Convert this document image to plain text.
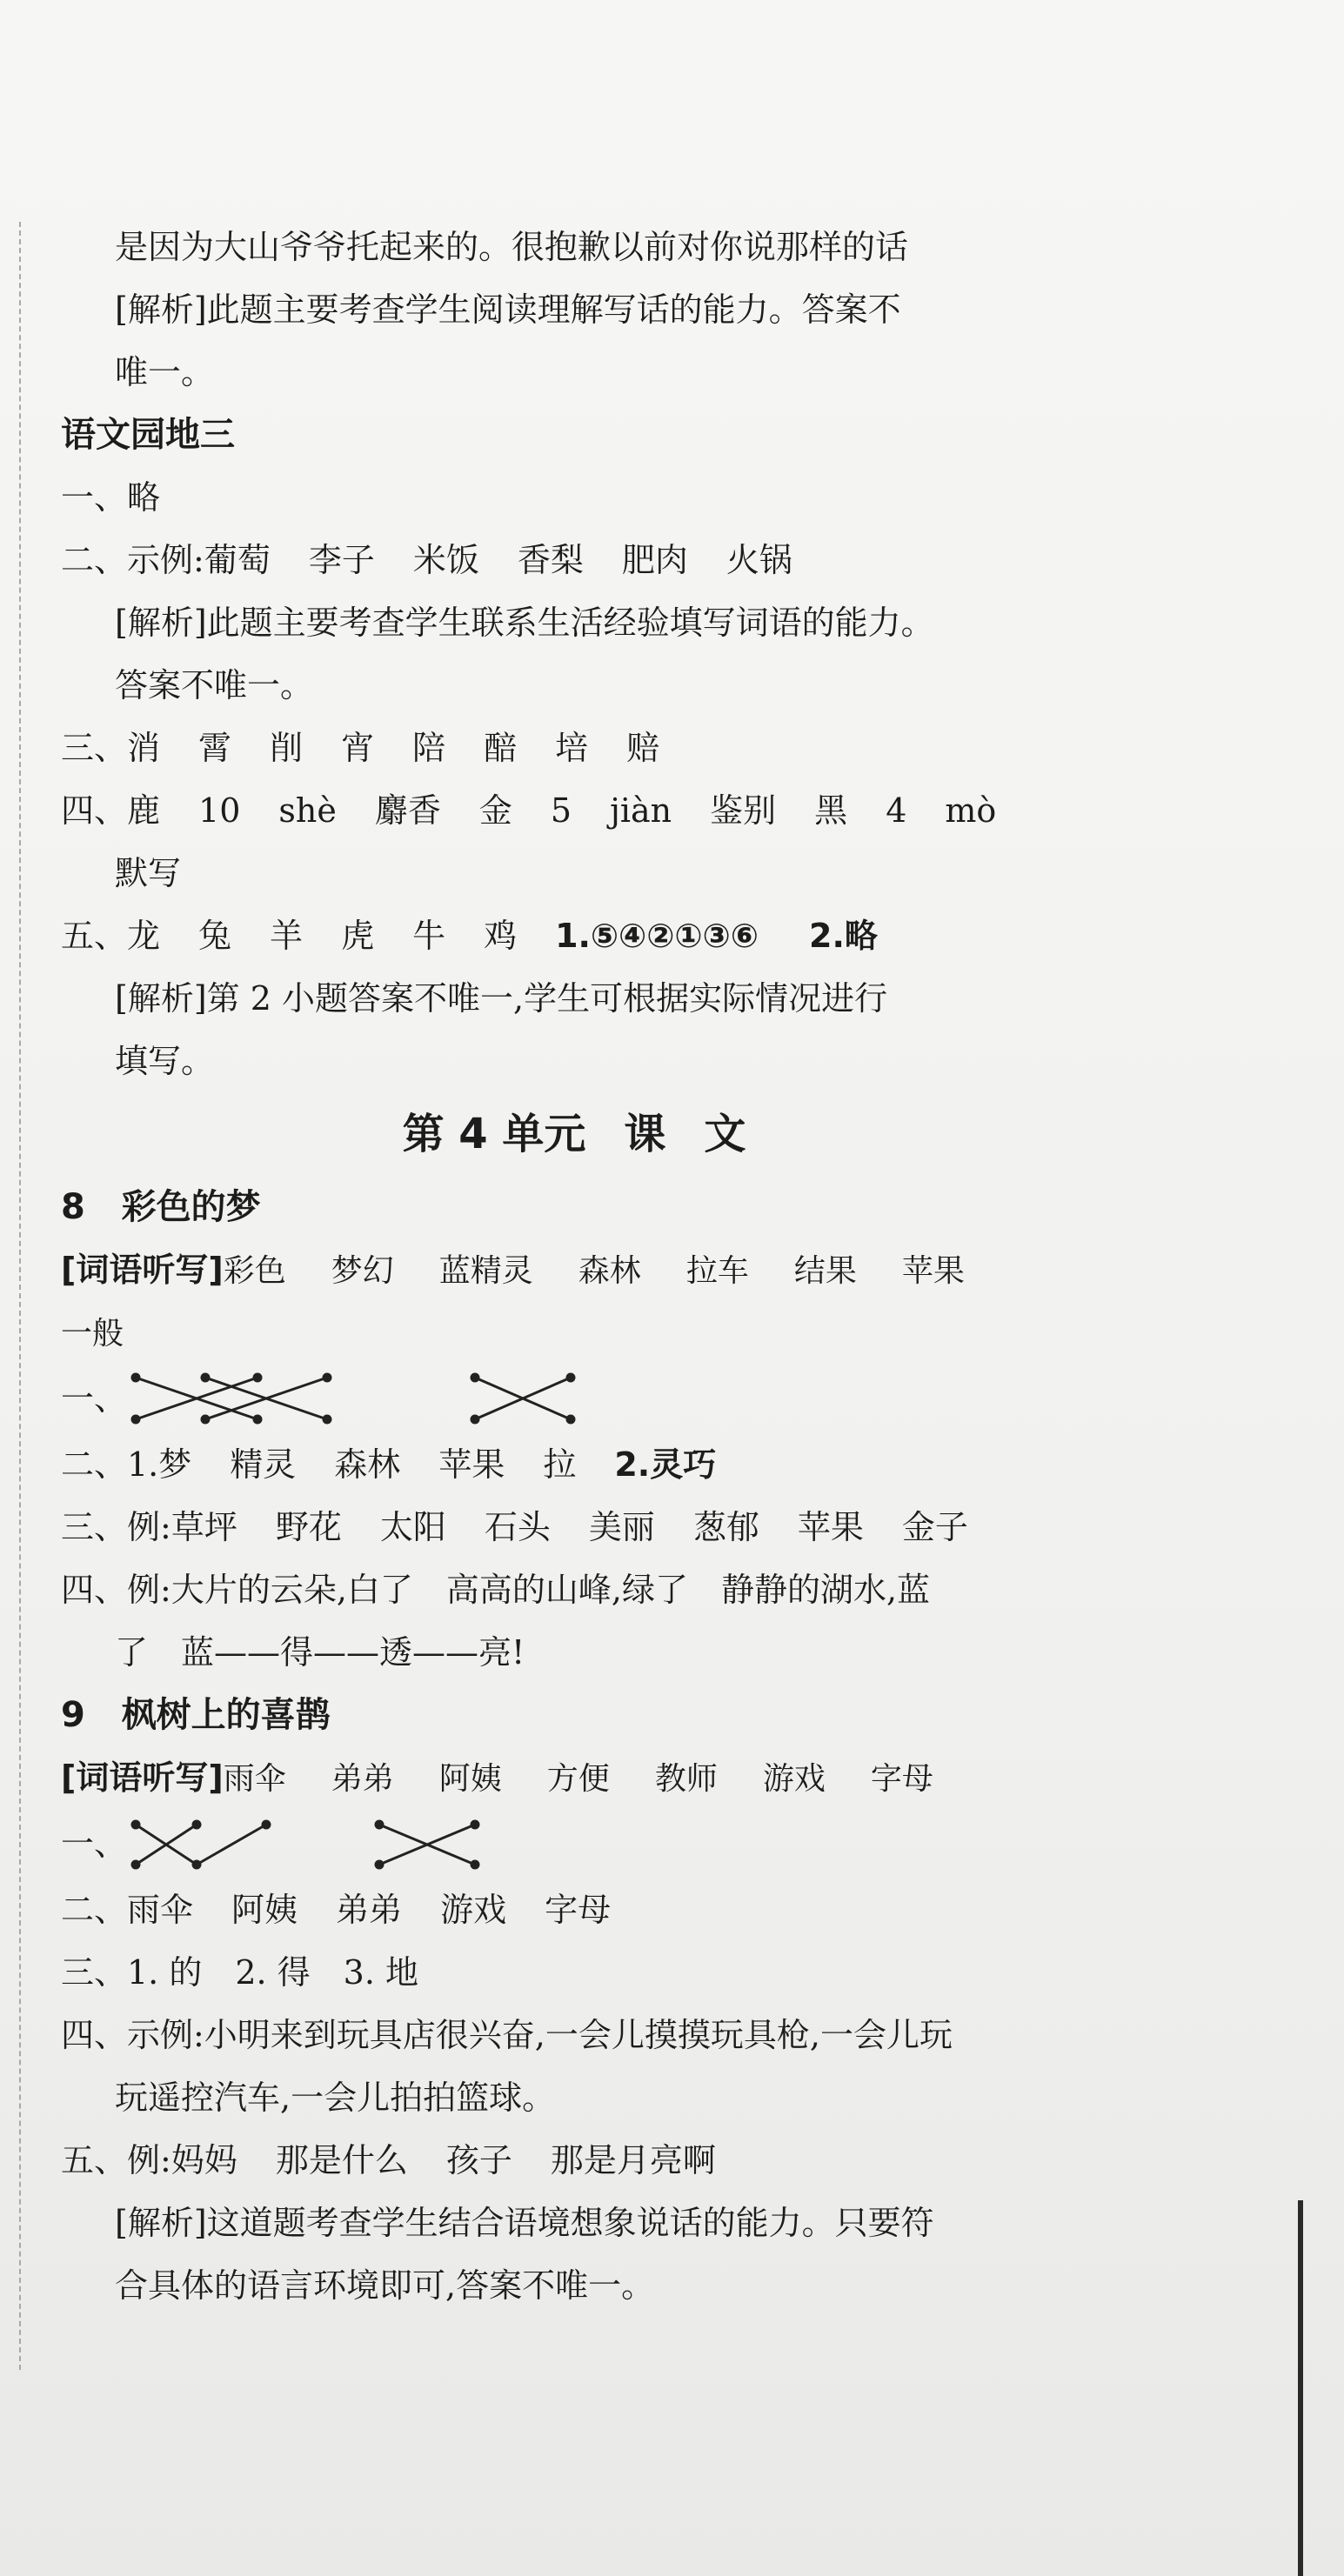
是因为大山爷爷托起来的。很抱歉以前对你说那样的话
[解析]此题主要考查学生阅读理解写话的能力。答案不
唯一。
语文园地三
一、略
二、示例:葡萄 李子 米饭 香梨 肥肉 火锅
[解析]此题主要考查学生联系生活经验填写词语的能力。
答案不唯一。
三、消 霄 削 宵 陪 醅 培 赔
四、鹿 10 shè 麝香 金 5 jiàn 鉴别 黑 4 mò
默写
五、龙 兔 羊 虎 牛 鸡 1.⑤④②①③⑥ 2.略
[解析]第 2 小题答案不唯一,学生可根据实际情况进行
填写。
第 4 单元 课 文
8 彩色的梦
[词语听写]彩色 梦幻 蓝精灵 森林 拉车 结果 苹果
一般
一、
二、1.梦 精灵 森林 苹果 拉 2.灵巧
三、例:草坪 野花 太阳 石头 美丽 葱郁 苹果 金子
四、例:大片的云朵,白了　高高的山峰,绿了　静静的湖水,蓝
了　蓝——得——透——亮!
9 枫树上的喜鹊
[词语听写]雨伞 弟弟 阿姨 方便 教师 游戏 字母
一、
二、雨伞 阿姨 弟弟 游戏 字母
三、1. 的　2. 得　3. 地
四、示例:小明来到玩具店很兴奋,一会儿摸摸玩具枪,一会儿玩
玩遥控汽车,一会儿拍拍篮球。
五、例:妈妈 那是什么 孩子 那是月亮啊
[解析]这道题考查学生结合语境想象说话的能力。只要符
合具体的语言环境即可,答案不唯一。
